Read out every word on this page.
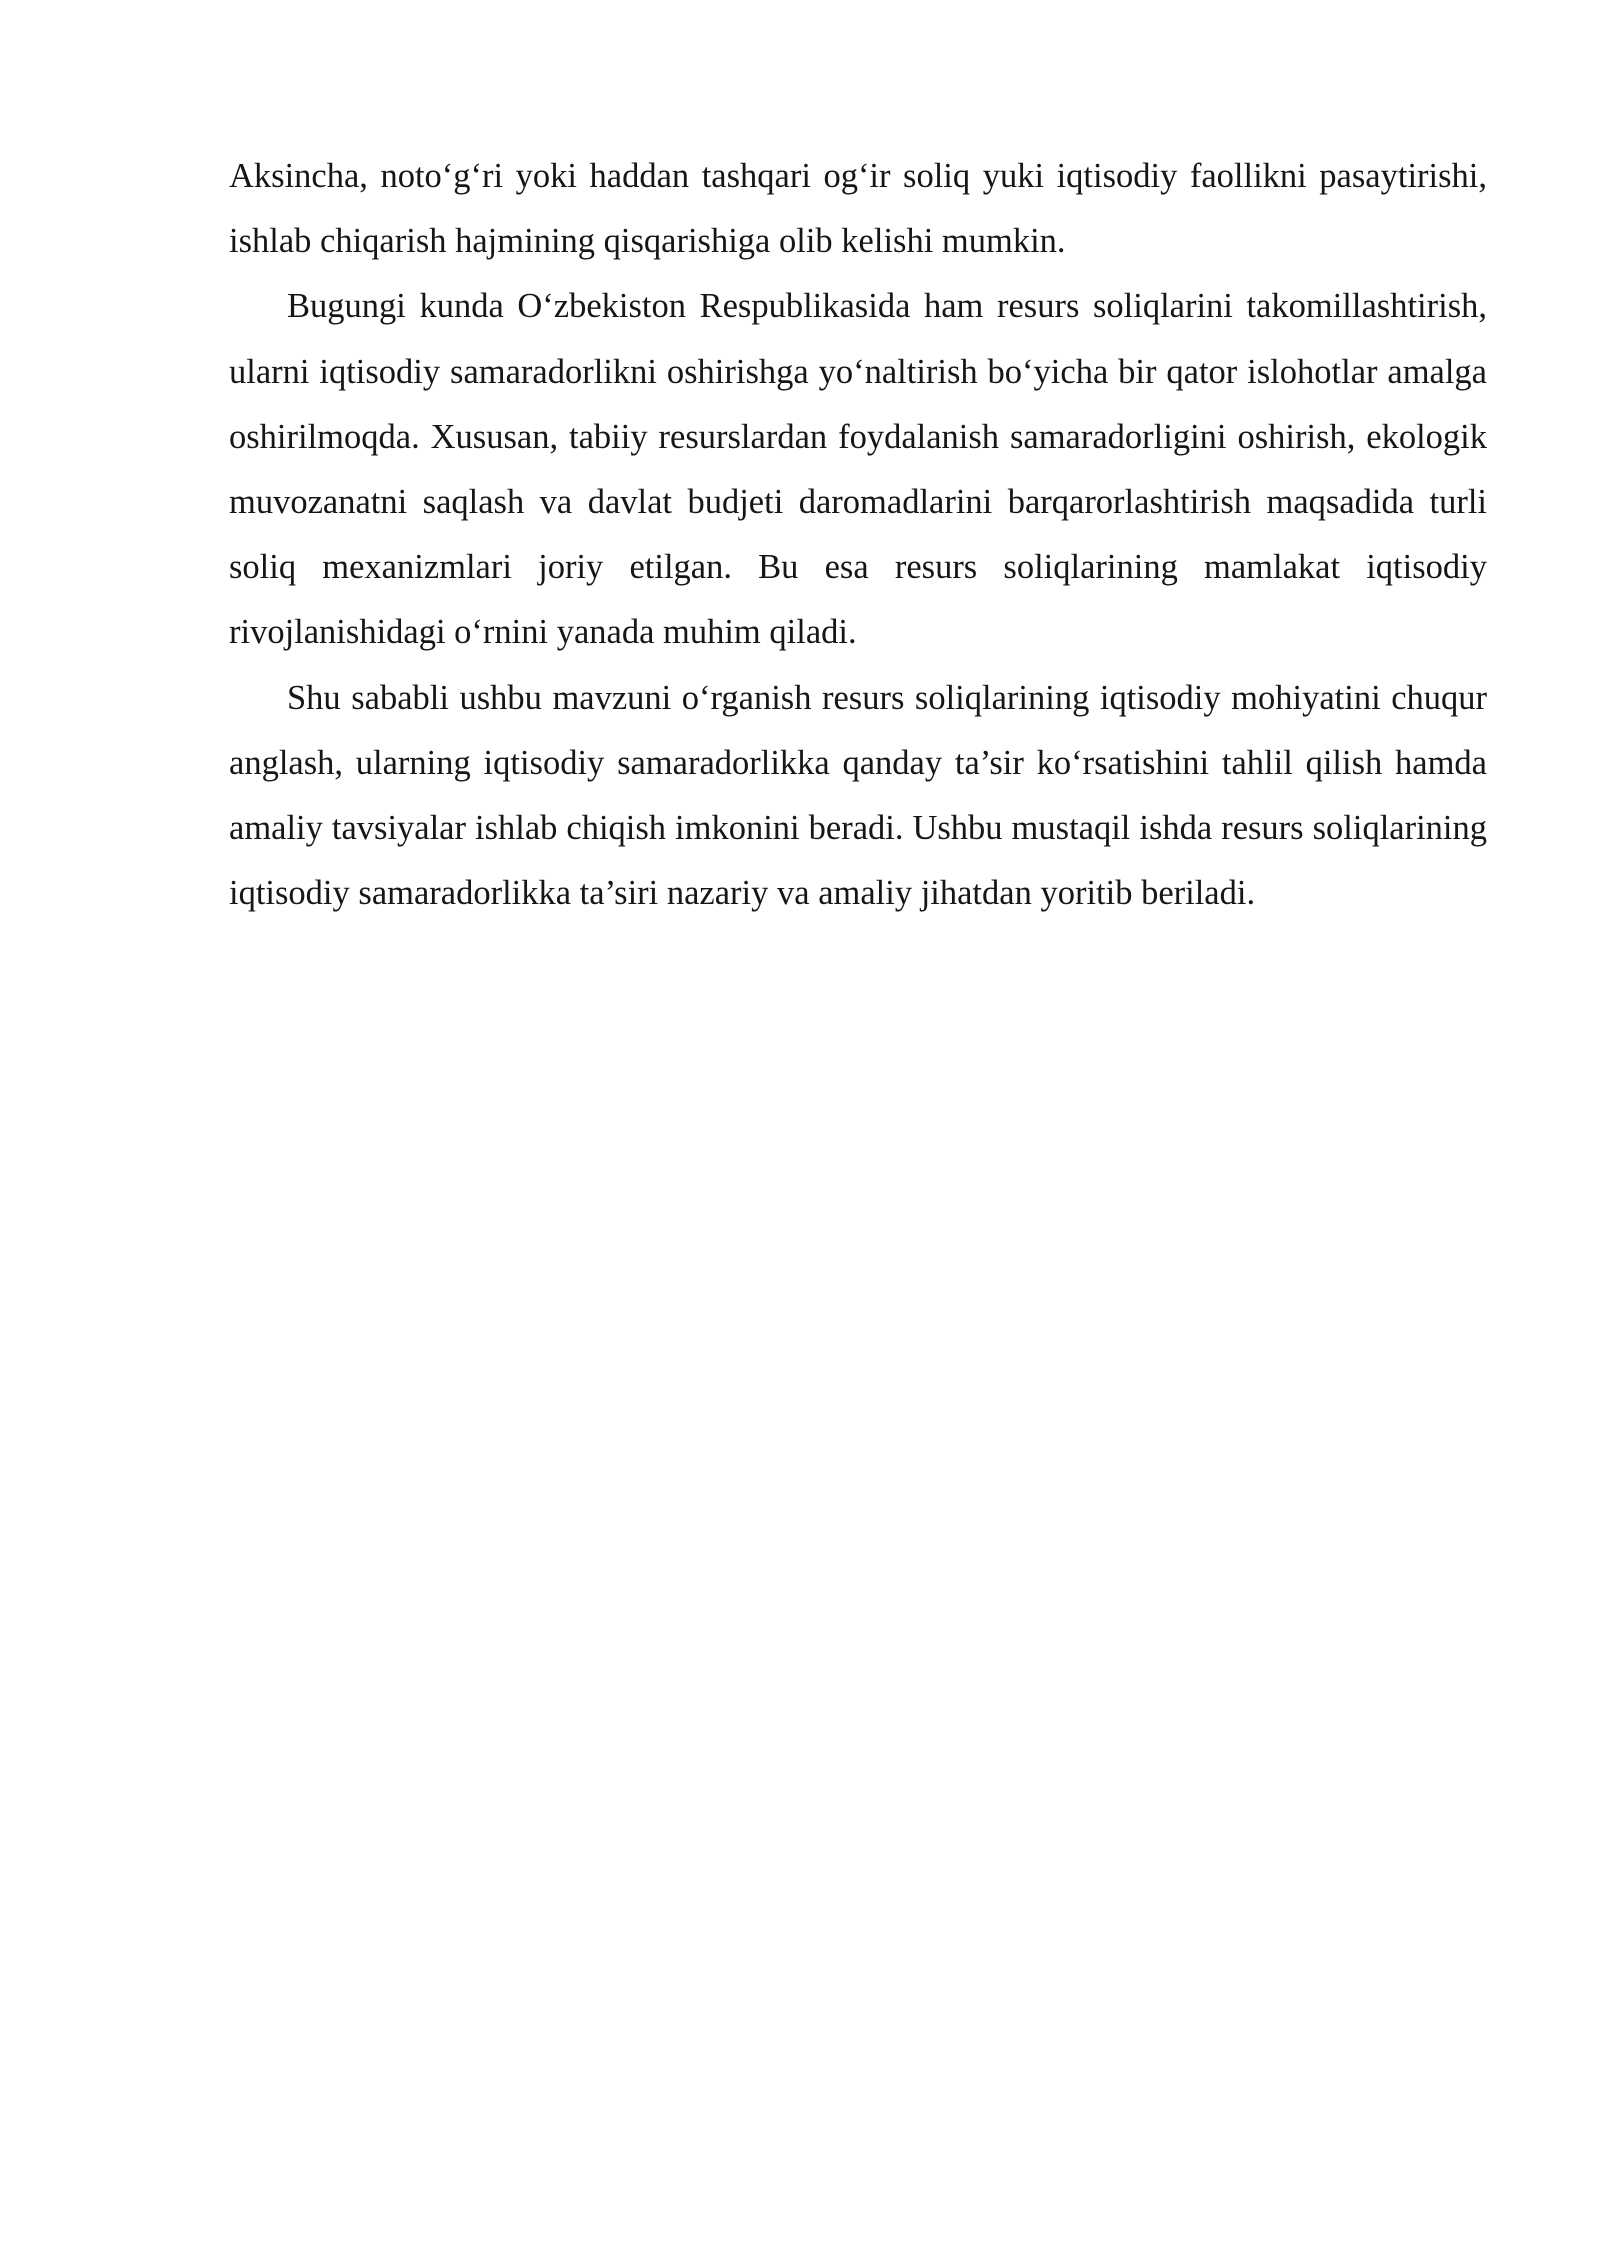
Aksincha, noto‘g‘ri yoki haddan tashqari og‘ir soliq yuki iqtisodiy faollikni pasaytirishi, ishlab chiqarish hajmining qisqarishiga olib kelishi mumkin.

Bugungi kunda O‘zbekiston Respublikasida ham resurs soliqlarini takomillashtirish, ularni iqtisodiy samaradorlikni oshirishga yo‘naltirish bo‘yicha bir qator islohotlar amalga oshirilmoqda. Xususan, tabiiy resurslardan foydalanish samaradorligini oshirish, ekologik muvozanatni saqlash va davlat budjeti daromadlarini barqarorlashtirish maqsadida turli soliq mexanizmlari joriy etilgan. Bu esa resurs soliqlarining mamlakat iqtisodiy rivojlanishidagi o‘rnini yanada muhim qiladi.

Shu sababli ushbu mavzuni o‘rganish resurs soliqlarining iqtisodiy mohiyatini chuqur anglash, ularning iqtisodiy samaradorlikka qanday ta’sir ko‘rsatishini tahlil qilish hamda amaliy tavsiyalar ishlab chiqish imkonini beradi. Ushbu mustaqil ishda resurs soliqlarining iqtisodiy samaradorlikka ta’siri nazariy va amaliy jihatdan yoritib beriladi.
